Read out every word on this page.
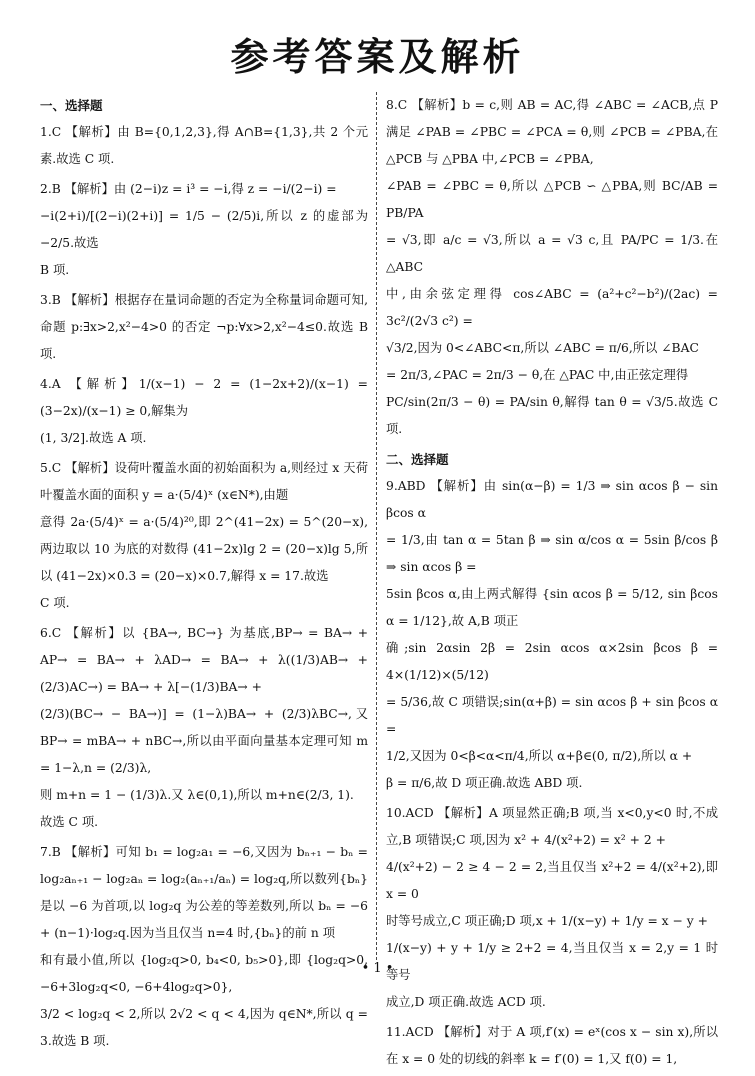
参考答案及解析
一、选择题

1.C 【解析】由 B={0,1,2,3},得 A∩B={1,3},共 2 个元素.故选 C 项.

2.B 【解析】由 (2−i)z = i³ = −i,得 z = −i/(2−i) =

−i(2+i)/[(2−i)(2+i)] = 1/5 − (2/5)i,所以 z 的虚部为 −2/5.故选

B 项.

3.B 【解析】根据存在量词命题的否定为全称量词命题可知,命题 p:∃x>2,x²−4>0 的否定 ¬p:∀x>2,x²−4≤0.故选 B 项.

4.A 【解析】1/(x−1) − 2 = (1−2x+2)/(x−1) = (3−2x)/(x−1) ≥ 0,解集为

(1, 3/2].故选 A 项.

5.C 【解析】设荷叶覆盖水面的初始面积为 a,则经过 x 天荷叶覆盖水面的面积 y = a·(5/4)ˣ (x∈N*),由题

意得 2a·(5/4)ˣ = a·(5/4)²⁰,即 2^(41−2x) = 5^(20−x),两边取以 10 为底的对数得 (41−2x)lg 2 = (20−x)lg 5,所以 (41−2x)×0.3 = (20−x)×0.7,解得 x = 17.故选

C 项.

6.C 【解析】以 {BA→, BC→} 为基底,BP→ = BA→ + AP→ = BA→ + λAD→ = BA→ + λ((1/3)AB→ + (2/3)AC→) = BA→ + λ[−(1/3)BA→ +

(2/3)(BC→ − BA→)] = (1−λ)BA→ + (2/3)λBC→,又 BP→ = mBA→ + nBC→,所以由平面向量基本定理可知 m = 1−λ,n = (2/3)λ,

则 m+n = 1 − (1/3)λ.又 λ∈(0,1),所以 m+n∈(2/3, 1).

故选 C 项.

7.B 【解析】可知 b₁ = log₂a₁ = −6,又因为 bₙ₊₁ − bₙ = log₂aₙ₊₁ − log₂aₙ = log₂(aₙ₊₁/aₙ) = log₂q,所以数列{bₙ}是以 −6 为首项,以 log₂q 为公差的等差数列,所以 bₙ = −6 + (n−1)·log₂q.因为当且仅当 n=4 时,{bₙ}的前 n 项

和有最小值,所以 {log₂q>0, b₄<0, b₅>0},即 {log₂q>0, −6+3log₂q<0, −6+4log₂q>0},

3/2 < log₂q < 2,所以 2√2 < q < 4,因为 q∈N*,所以 q = 3.故选 B 项.

8.C 【解析】b = c,则 AB = AC,得 ∠ABC = ∠ACB,点 P 满足 ∠PAB = ∠PBC = ∠PCA = θ,则 ∠PCB = ∠PBA,在 △PCB 与 △PBA 中,∠PCB = ∠PBA,

∠PAB = ∠PBC = θ,所以 △PCB ∽ △PBA,则 BC/AB = PB/PA

= √3,即 a/c = √3,所以 a = √3 c,且 PA/PC = 1/3.在 △ABC

中,由余弦定理得 cos∠ABC = (a²+c²−b²)/(2ac) = 3c²/(2√3 c²) =

√3/2,因为 0<∠ABC<π,所以 ∠ABC = π/6,所以 ∠BAC

= 2π/3,∠PAC = 2π/3 − θ,在 △PAC 中,由正弦定理得

PC/sin(2π/3 − θ) = PA/sin θ,解得 tan θ = √3/5.故选 C 项.

二、选择题

9.ABD 【解析】由 sin(α−β) = 1/3 ⇒ sin αcos β − sin βcos α

= 1/3,由 tan α = 5tan β ⇒ sin α/cos α = 5sin β/cos β ⇒ sin αcos β =

5sin βcos α,由上两式解得 {sin αcos β = 5/12, sin βcos α = 1/12},故 A,B 项正

确;sin 2αsin 2β = 2sin αcos α×2sin βcos β = 4×(1/12)×(5/12)

= 5/36,故 C 项错误;sin(α+β) = sin αcos β + sin βcos α =

1/2,又因为 0<β<α<π/4,所以 α+β∈(0, π/2),所以 α +

β = π/6,故 D 项正确.故选 ABD 项.

10.ACD 【解析】A 项显然正确;B 项,当 x<0,y<0 时,不成立,B 项错误;C 项,因为 x² + 4/(x²+2) = x² + 2 +

4/(x²+2) − 2 ≥ 4 − 2 = 2,当且仅当 x²+2 = 4/(x²+2),即 x = 0

时等号成立,C 项正确;D 项,x + 1/(x−y) + 1/y = x − y +

1/(x−y) + y + 1/y ≥ 2+2 = 4,当且仅当 x = 2,y = 1 时等号

成立,D 项正确.故选 ACD 项.

11.ACD 【解析】对于 A 项,f′(x) = eˣ(cos x − sin x),所以在 x = 0 处的切线的斜率 k = f′(0) = 1,又 f(0) = 1,

• 1 •
